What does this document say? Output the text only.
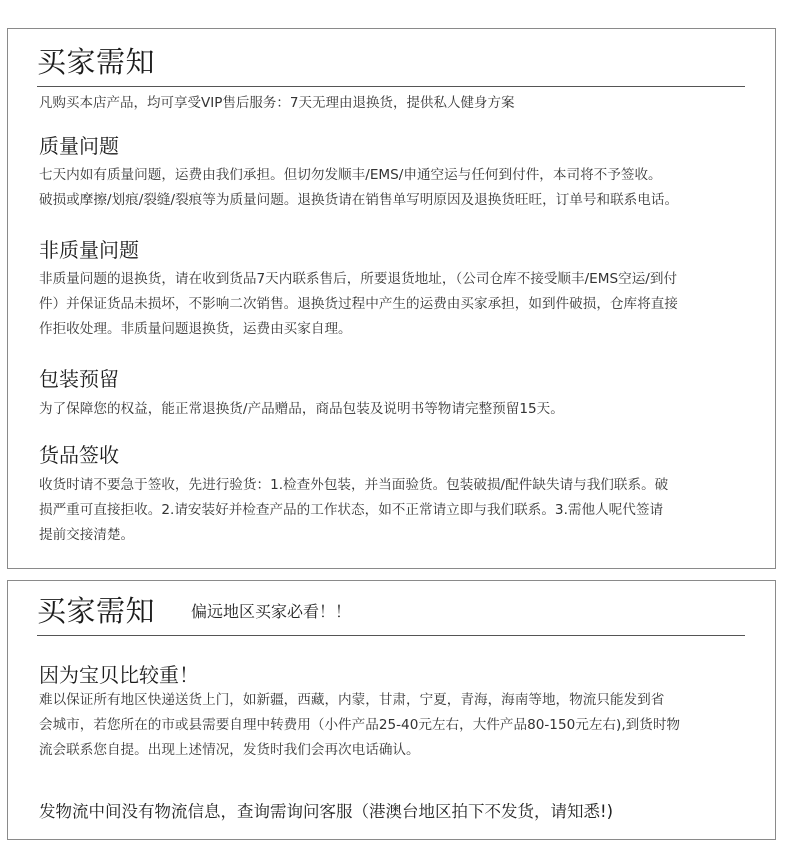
买家需知
凡购买本店产品，均可享受VIP售后服务：7天无理由退换货，提供私人健身方案
质量问题
七天内如有质量问题，运费由我们承担。但切勿发顺丰/EMS/申通空运与任何到付件，本司将不予签收。
破损或摩擦/划痕/裂缝/裂痕等为质量问题。退换货请在销售单写明原因及退换货旺旺，订单号和联系电话。
非质量问题
非质量问题的退换货，请在收到货品7天内联系售后，所要退货地址，（公司仓库不接受顺丰/EMS空运/到付
件）并保证货品未损坏，不影响二次销售。退换货过程中产生的运费由买家承担，如到件破损，仓库将直接
作拒收处理。非质量问题退换货，运费由买家自理。
包装预留
为了保障您的权益，能正常退换货/产品赠品，商品包装及说明书等物请完整预留15天。
货品签收
收货时请不要急于签收，先进行验货：1.检查外包装，并当面验货。包装破损/配件缺失请与我们联系。破
损严重可直接拒收。2.请安装好并检查产品的工作状态，如不正常请立即与我们联系。3.需他人呢代签请
提前交接清楚。
买家需知 偏远地区买家必看！！
因为宝贝比较重！
难以保证所有地区快递送货上门，如新疆，西藏，内蒙，甘肃，宁夏，青海，海南等地，物流只能发到省
会城市，若您所在的市或县需要自理中转费用（小件产品25-40元左右，大件产品80-150元左右),到货时物
流会联系您自提。出现上述情况，发货时我们会再次电话确认。
发物流中间没有物流信息，查询需询问客服（港澳台地区拍下不发货，请知悉!)
